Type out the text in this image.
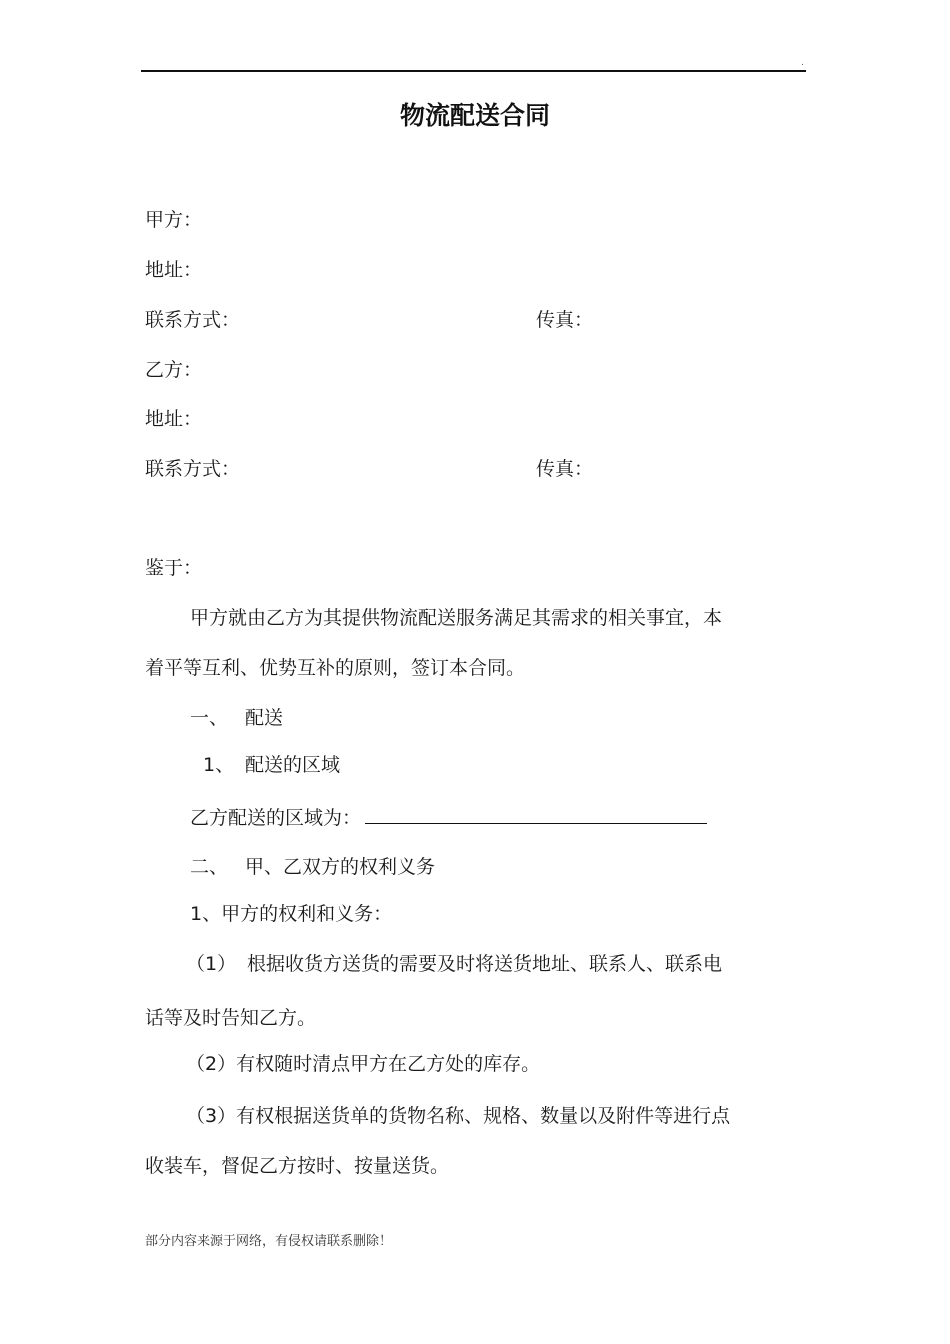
.
物流配送合同
甲方：
地址：
联系方式：	传真：
乙方：
地址：
联系方式：	传真：
鉴于：
甲方就由乙方为其提供物流配送服务满足其需求的相关事宜，本
着平等互利、优势互补的原则，签订本合同。
一、 配送
1、 配送的区域
乙方配送的区域为：
二、 甲、乙双方的权利义务
1、甲方的权利和义务：
（1） 根据收货方送货的需要及时将送货地址、联系人、联系电
话等及时告知乙方。
（2）有权随时清点甲方在乙方处的库存。
（3）有权根据送货单的货物名称、规格、数量以及附件等进行点
收装车，督促乙方按时、按量送货。
部分内容来源于网络，有侵权请联系删除！
